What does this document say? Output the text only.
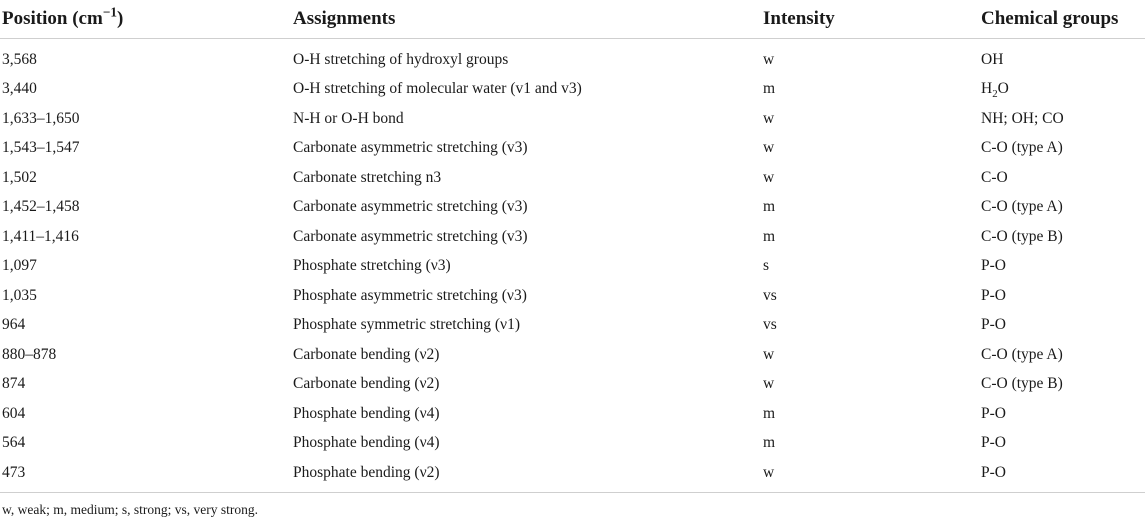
Position $(cm^{-1})$	Assignments	Intensity	Chemical groups
3,568	O-H stretching of hydroxyl groups	w	OH
3,440	O-H stretching of molecular water (v1 and v3)	m	$H_2O$
1,633–1,650	N-H or O-H bond	w	NH; OH; CO
1,543–1,547	Carbonate asymmetric stretching (v3)	w	C-O (type A)
1,502	Carbonate stretching n3	w	C-O
1,452–1,458	Carbonate asymmetric stretching (v3)	m	C-O (type A)
1,411–1,416	Carbonate asymmetric stretching (v3)	m	C-O (type B)
1,097	Phosphate stretching (ν3)	s	P-O
1,035	Phosphate asymmetric stretching (ν3)	vs	P-O
964	Phosphate symmetric stretching (ν1)	vs	P-O
880–878	Carbonate bending (ν2)	w	C-O (type A)
874	Carbonate bending (ν2)	w	C-O (type B)
604	Phosphate bending (ν4)	m	P-O
564	Phosphate bending (ν4)	m	P-O
473	Phosphate bending (ν2)	w	P-O
w, weak; m, medium; s, strong; vs, very strong.
